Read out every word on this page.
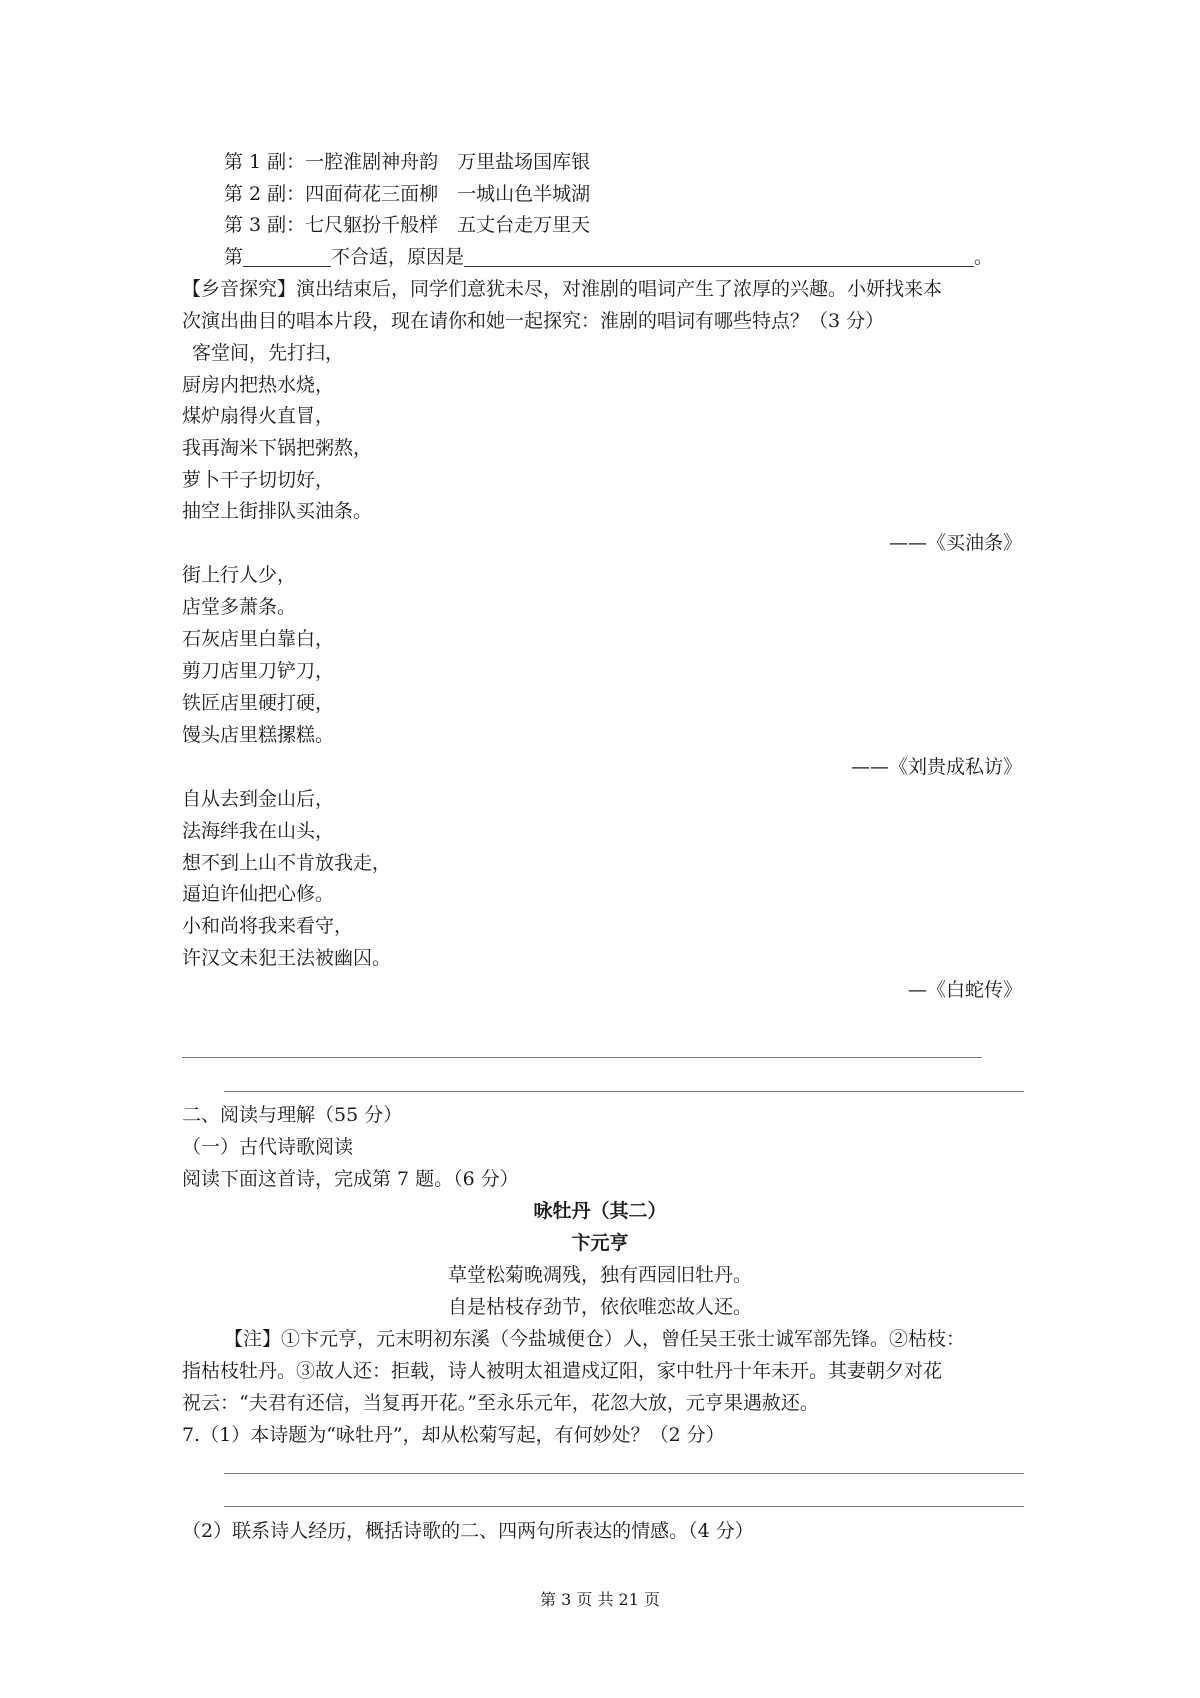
第 1 副：一腔淮剧神舟韵　万里盐场国库银
第 2 副：四面荷花三面柳　一城山色半城湖
第 3 副：七尺躯扮千般样　五丈台走万里天
第	不合适，原因是	。
【乡音探究】演出结束后，同学们意犹未尽，对淮剧的唱词产生了浓厚的兴趣。小妍找来本
次演出曲目的唱本片段，现在请你和她一起探究：淮剧的唱词有哪些特点？（3 分）
客堂间，先打扫，
厨房内把热水烧，
煤炉扇得火直冒，
我再淘米下锅把粥熬，
萝卜干子切切好，
抽空上街排队买油条。
——《买油条》
街上行人少，
店堂多萧条。
石灰店里白靠白，
剪刀店里刀铲刀，
铁匠店里硬打硬，
馒头店里糕摞糕。
——《刘贵成私访》
自从去到金山后，
法海绊我在山头，
想不到上山不肯放我走，
逼迫许仙把心修。
小和尚将我来看守，
许汉文未犯王法被幽囚。
—《白蛇传》
二、阅读与理解（55 分）
（一）古代诗歌阅读
阅读下面这首诗，完成第 7 题。（6 分）
咏牡丹（其二）
卞元亨
草堂松菊晚凋残，独有西园旧牡丹。
自是枯枝存劲节，依依唯恋故人还。
【注】①卞元亨，元末明初东溪（今盐城便仓）人，曾任吴王张士诚军部先锋。②枯枝：
指枯枝牡丹。③故人还：拒载，诗人被明太祖遣戍辽阳，家中牡丹十年未开。其妻朝夕对花
祝云：“夫君有还信，当复再开花。”至永乐元年，花忽大放，元亨果遇赦还。
7.（1）本诗题为“咏牡丹”，却从松菊写起，有何妙处？（2 分）
（2）联系诗人经历，概括诗歌的二、四两句所表达的情感。（4 分）
第 3 页 共 21 页
